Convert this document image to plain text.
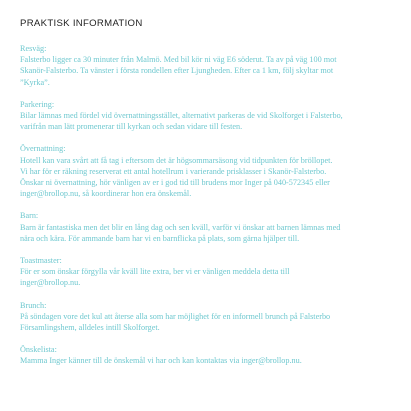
PRAKTISK INFORMATION

Resväg:

Falsterbo ligger ca 30 minuter från Malmö. Med bil kör ni väg E6 söderut. Ta av på väg 100 mot
Skanör-Falsterbo. Ta vänster i första rondellen efter Ljungheden. Efter ca 1 km, följ skyltar mot
”Kyrka”.

Parkering:

Bilar lämnas med fördel vid övernattningsstället, alternativt parkeras de vid Skolforget i Falsterbo,
varifrån man lätt promenerar till kyrkan och sedan vidare till festen.

Övernattning:

Hotell kan vara svårt att få tag i eftersom det är högsommarsäsong vid tidpunkten för bröllopet.
Vi har för er räkning reserverat ett antal hotellrum i varierande prisklasser i Skanör-Falsterbo.
Önskar ni övernattning, hör vänligen av er i god tid till brudens mor Inger på 040-572345 eller
inger@brollop.nu, så koordinerar hon era önskemål.

Barn:

Barn är fantastiska men det blir en lång dag och sen kväll, varför vi önskar att barnen lämnas med
nära och kära. För ammande barn har vi en barnflicka på plats, som gärna hjälper till.

Toastmaster:

För er som önskar förgylla vår kväll lite extra, ber vi er vänligen meddela detta till
inger@brollop.nu.

Brunch:

På söndagen vore det kul att återse alla som har möjlighet för en informell brunch på Falsterbo
Församlingshem, alldeles intill Skolforget.

Önskelista:

Mamma Inger känner till de önskemål vi har och kan kontaktas via inger@brollop.nu.
